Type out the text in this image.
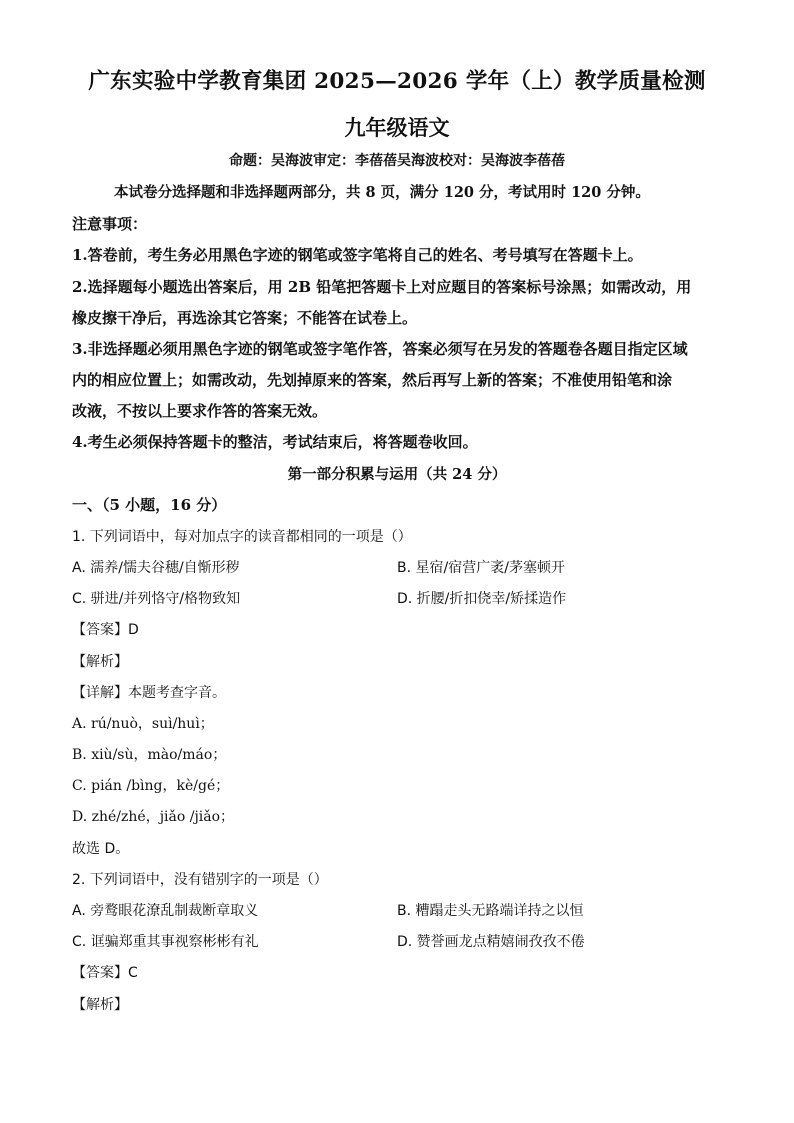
广东实验中学教育集团 2025—2026 学年（上）教学质量检测
九年级语文
命题：吴海波审定：李蓓蓓吴海波校对：吴海波李蓓蓓
本试卷分选择题和非选择题两部分，共 8 页，满分 120 分，考试用时 120 分钟。
注意事项：
1.答卷前，考生务必用黑色字迹的钢笔或签字笔将自己的姓名、考号填写在答题卡上。
2.选择题每小题选出答案后，用 2B 铅笔把答题卡上对应题目的答案标号涂黑；如需改动，用
橡皮擦干净后，再选涂其它答案；不能答在试卷上。
3.非选择题必须用黑色字迹的钢笔或签字笔作答，答案必须写在另发的答题卷各题目指定区域
内的相应位置上；如需改动，先划掉原来的答案，然后再写上新的答案；不准使用铅笔和涂
改液，不按以上要求作答的答案无效。
4.考生必须保持答题卡的整洁，考试结束后，将答题卷收回。
第一部分积累与运用（共 24 分）
一、（5 小题，16 分）
1. 下列词语中，每对加点字的读音都相同的一项是（）
A. 濡养/懦夫谷穗/自惭形秽	B. 星宿/宿营广袤/茅塞顿开
C. 骈进/并列恪守/格物致知	D. 折腰/折扣侥幸/矫揉造作
【答案】D
【解析】
【详解】本题考查字音。
A. rú/nuò，suì/huì；
B. xiù/sù，mào/máo；
C. pián /bìng，kè/gé；
D. zhé/zhé，jiǎo /jiǎo；
故选 D。
2. 下列词语中，没有错别字的一项是（）
A. 旁鹜眼花潦乱制裁断章取义	B. 糟蹋走头无路端详持之以恒
C. 诓骗郑重其事视察彬彬有礼	D. 赞誉画龙点精嬉闹孜孜不倦
【答案】C
【解析】
